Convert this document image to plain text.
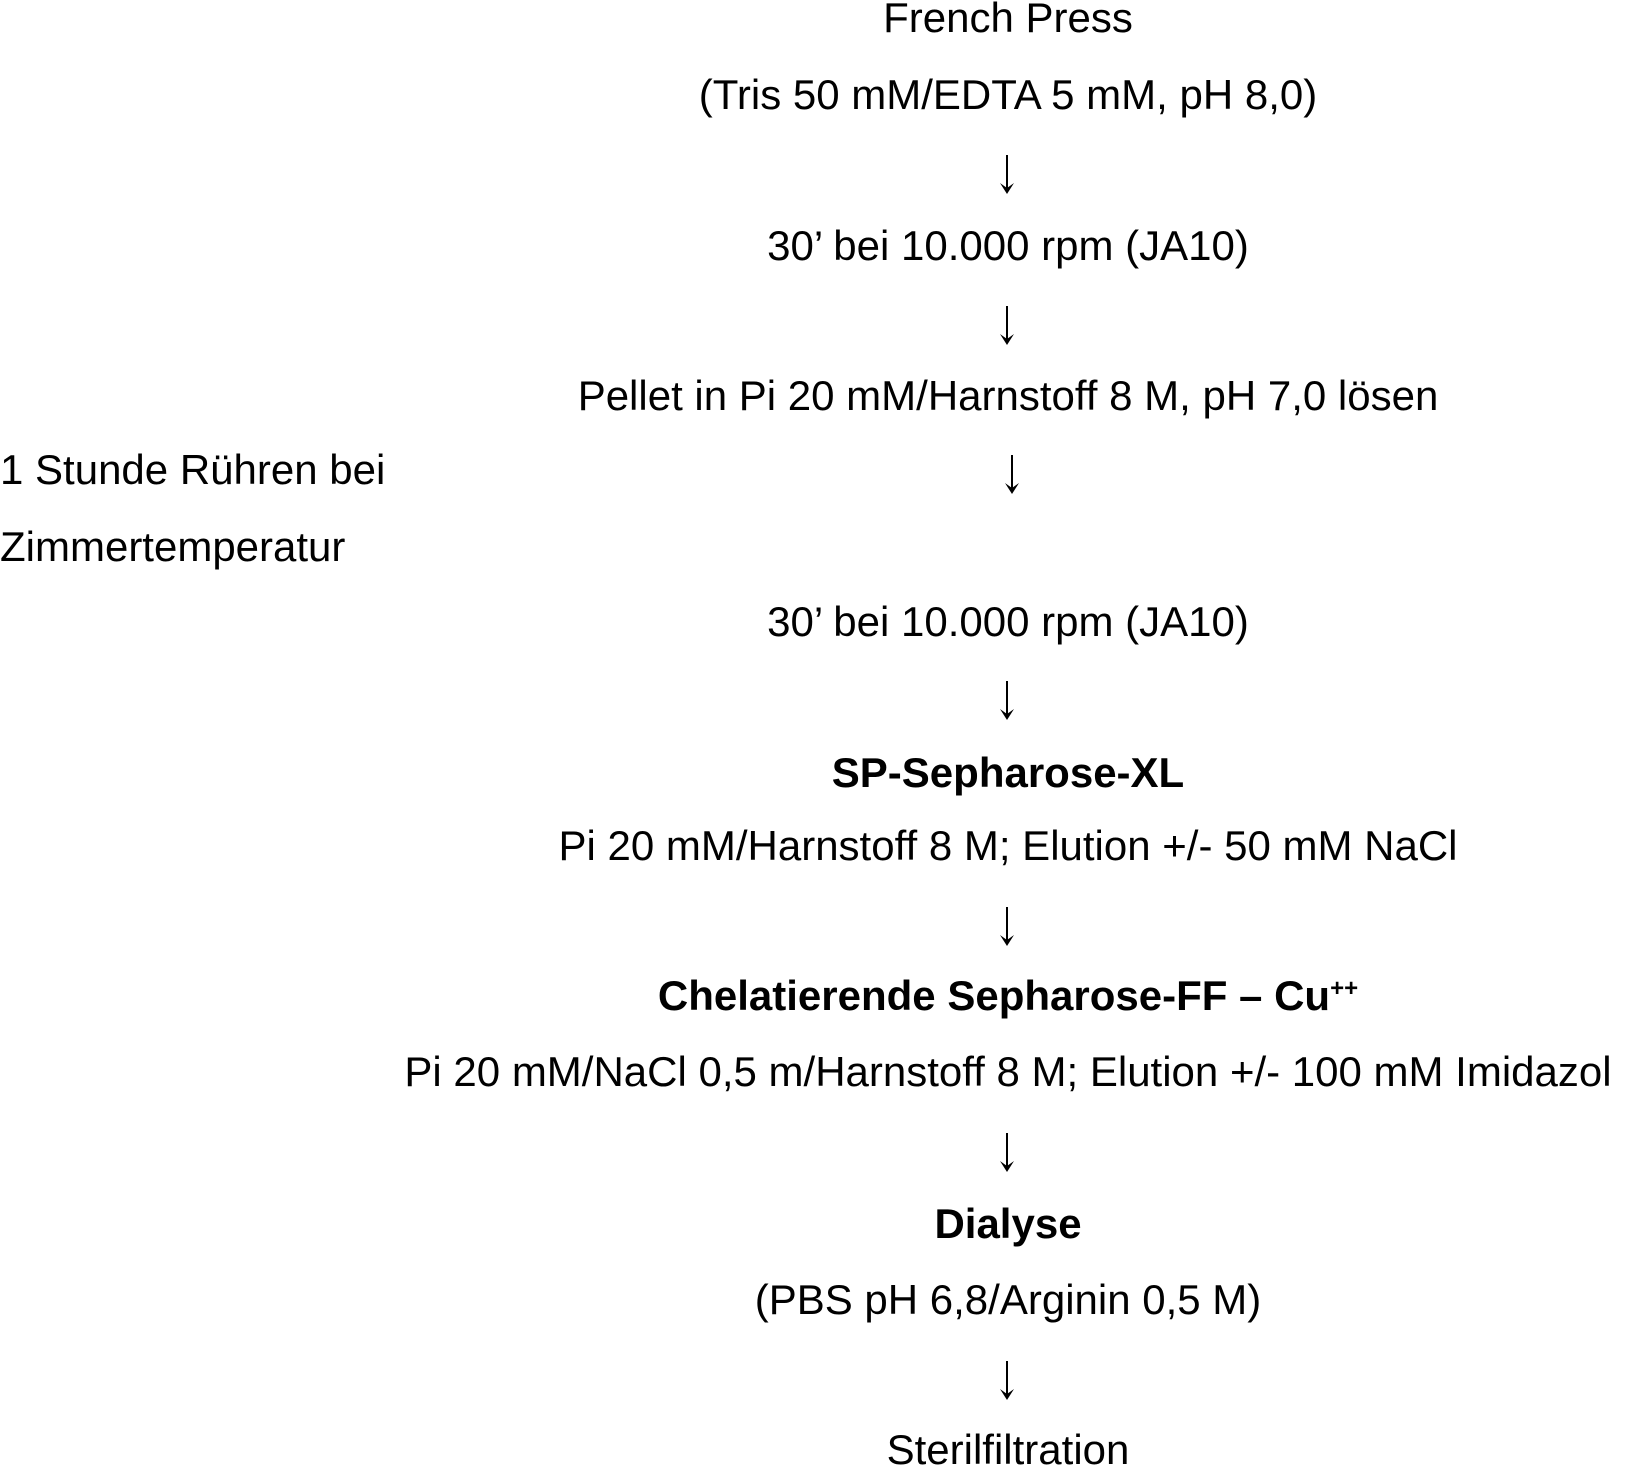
French Press
(Tris 50 mM/EDTA 5 mM, pH 8,0)
30’ bei 10.000 rpm (JA10)
Pellet in Pi 20 mM/Harnstoff 8 M, pH 7,0 lösen
1 Stunde Rühren bei
Zimmertemperatur
30’ bei 10.000 rpm (JA10)
SP-Sepharose-XL
Pi 20 mM/Harnstoff 8 M; Elution +/- 50 mM NaCl
Chelatierende Sepharose-FF – Cu++
Pi 20 mM/NaCl 0,5 m/Harnstoff 8 M; Elution +/- 100 mM Imidazol
Dialyse
(PBS pH 6,8/Arginin 0,5 M)
Sterilfiltration
